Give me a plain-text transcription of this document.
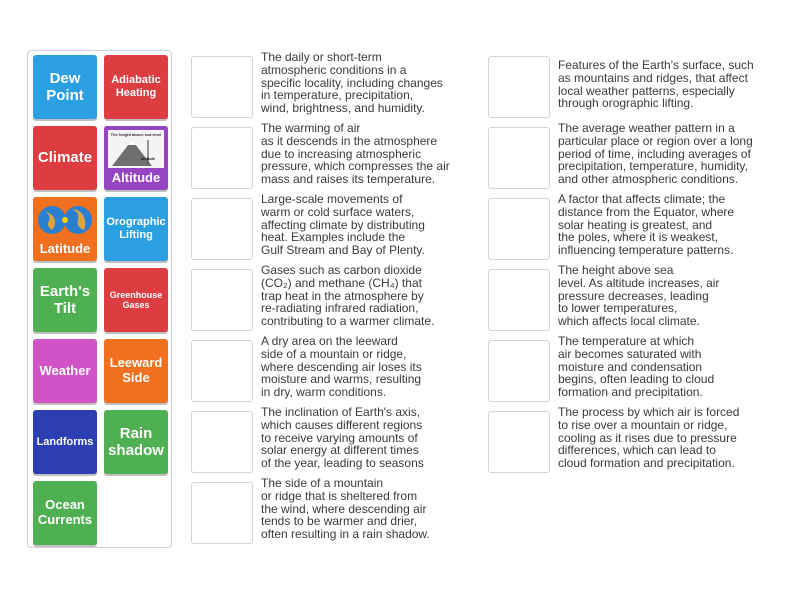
Dew Point
Adiabatic Heating
Climate
The height above sea level
altitude
Altitude
Latitude
Orographic Lifting
Earth's Tilt
Greenhouse Gases
Weather	Leeward Side
Landforms	Rain shadow
Ocean Currents
The daily or short-term
atmospheric conditions in a
specific locality, including changes
in temperature, precipitation,
wind, brightness, and humidity.
The warming of air
as it descends in the atmosphere
due to increasing atmospheric
pressure, which compresses the air
mass and raises its temperature.
Large-scale movements of
warm or cold surface waters,
affecting climate by distributing
heat. Examples include the
Gulf Stream and Bay of Plenty.
Gases such as carbon dioxide
(CO₂) and methane (CH₄) that
trap heat in the atmosphere by
re-radiating infrared radiation,
contributing to a warmer climate.
A dry area on the leeward
side of a mountain or ridge,
where descending air loses its
moisture and warms, resulting
in dry, warm conditions.
The inclination of Earth's axis,
which causes different regions
to receive varying amounts of
solar energy at different times
of the year, leading to seasons
The side of a mountain
or ridge that is sheltered from
the wind, where descending air
tends to be warmer and drier,
often resulting in a rain shadow.
Features of the Earth's surface, such
as mountains and ridges, that affect
local weather patterns, especially
through orographic lifting.
The average weather pattern in a
particular place or region over a long
period of time, including averages of
precipitation, temperature, humidity,
and other atmospheric conditions.
A factor that affects climate; the
distance from the Equator, where
solar heating is greatest, and
the poles, where it is weakest,
influencing temperature patterns.
The height above sea
level. As altitude increases, air
pressure decreases, leading
to lower temperatures,
which affects local climate.
The temperature at which
air becomes saturated with
moisture and condensation
begins, often leading to cloud
formation and precipitation.
The process by which air is forced
to rise over a mountain or ridge,
cooling as it rises due to pressure
differences, which can lead to
cloud formation and precipitation.
